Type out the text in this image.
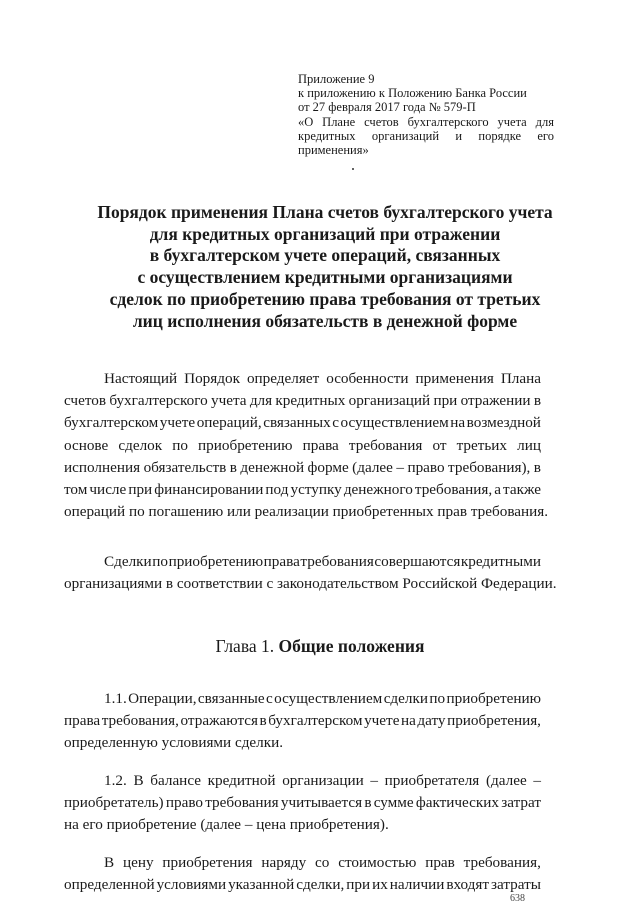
Приложение 9
к приложению к Положению Банка России
от 27 февраля 2017 года № 579-П
«О Плане счетов бухгалтерского учета для
кредитных организаций и порядке его
применения»
Порядок применения Плана счетов бухгалтерского учета
для кредитных организаций при отражении
в бухгалтерском учете операций, связанных
с осуществлением кредитными организациями
сделок по приобретению права требования от третьих
лиц исполнения обязательств в денежной форме
Настоящий Порядок определяет особенности применения Плана
счетов бухгалтерского учета для кредитных организаций при отражении в
бухгалтерском учете операций, связанных с осуществлением на возмездной
основе сделок по приобретению права требования от третьих лиц
исполнения обязательств в денежной форме (далее – право требования), в
том числе при финансировании под уступку денежного требования, а также
операций по погашению или реализации приобретенных прав требования.
Сделки по приобретению права требования совершаются кредитными
организациями в соответствии с законодательством Российской Федерации.
Глава 1. Общие положения
1.1. Операции, связанные с осуществлением сделки по приобретению
права требования, отражаются в бухгалтерском учете на дату приобретения,
определенную условиями сделки.
1.2. В балансе кредитной организации – приобретателя (далее –
приобретатель) право требования учитывается в сумме фактических затрат
на его приобретение (далее – цена приобретения).
В цену приобретения наряду со стоимостью прав требования,
определенной условиями указанной сделки, при их наличии входят затраты
638
